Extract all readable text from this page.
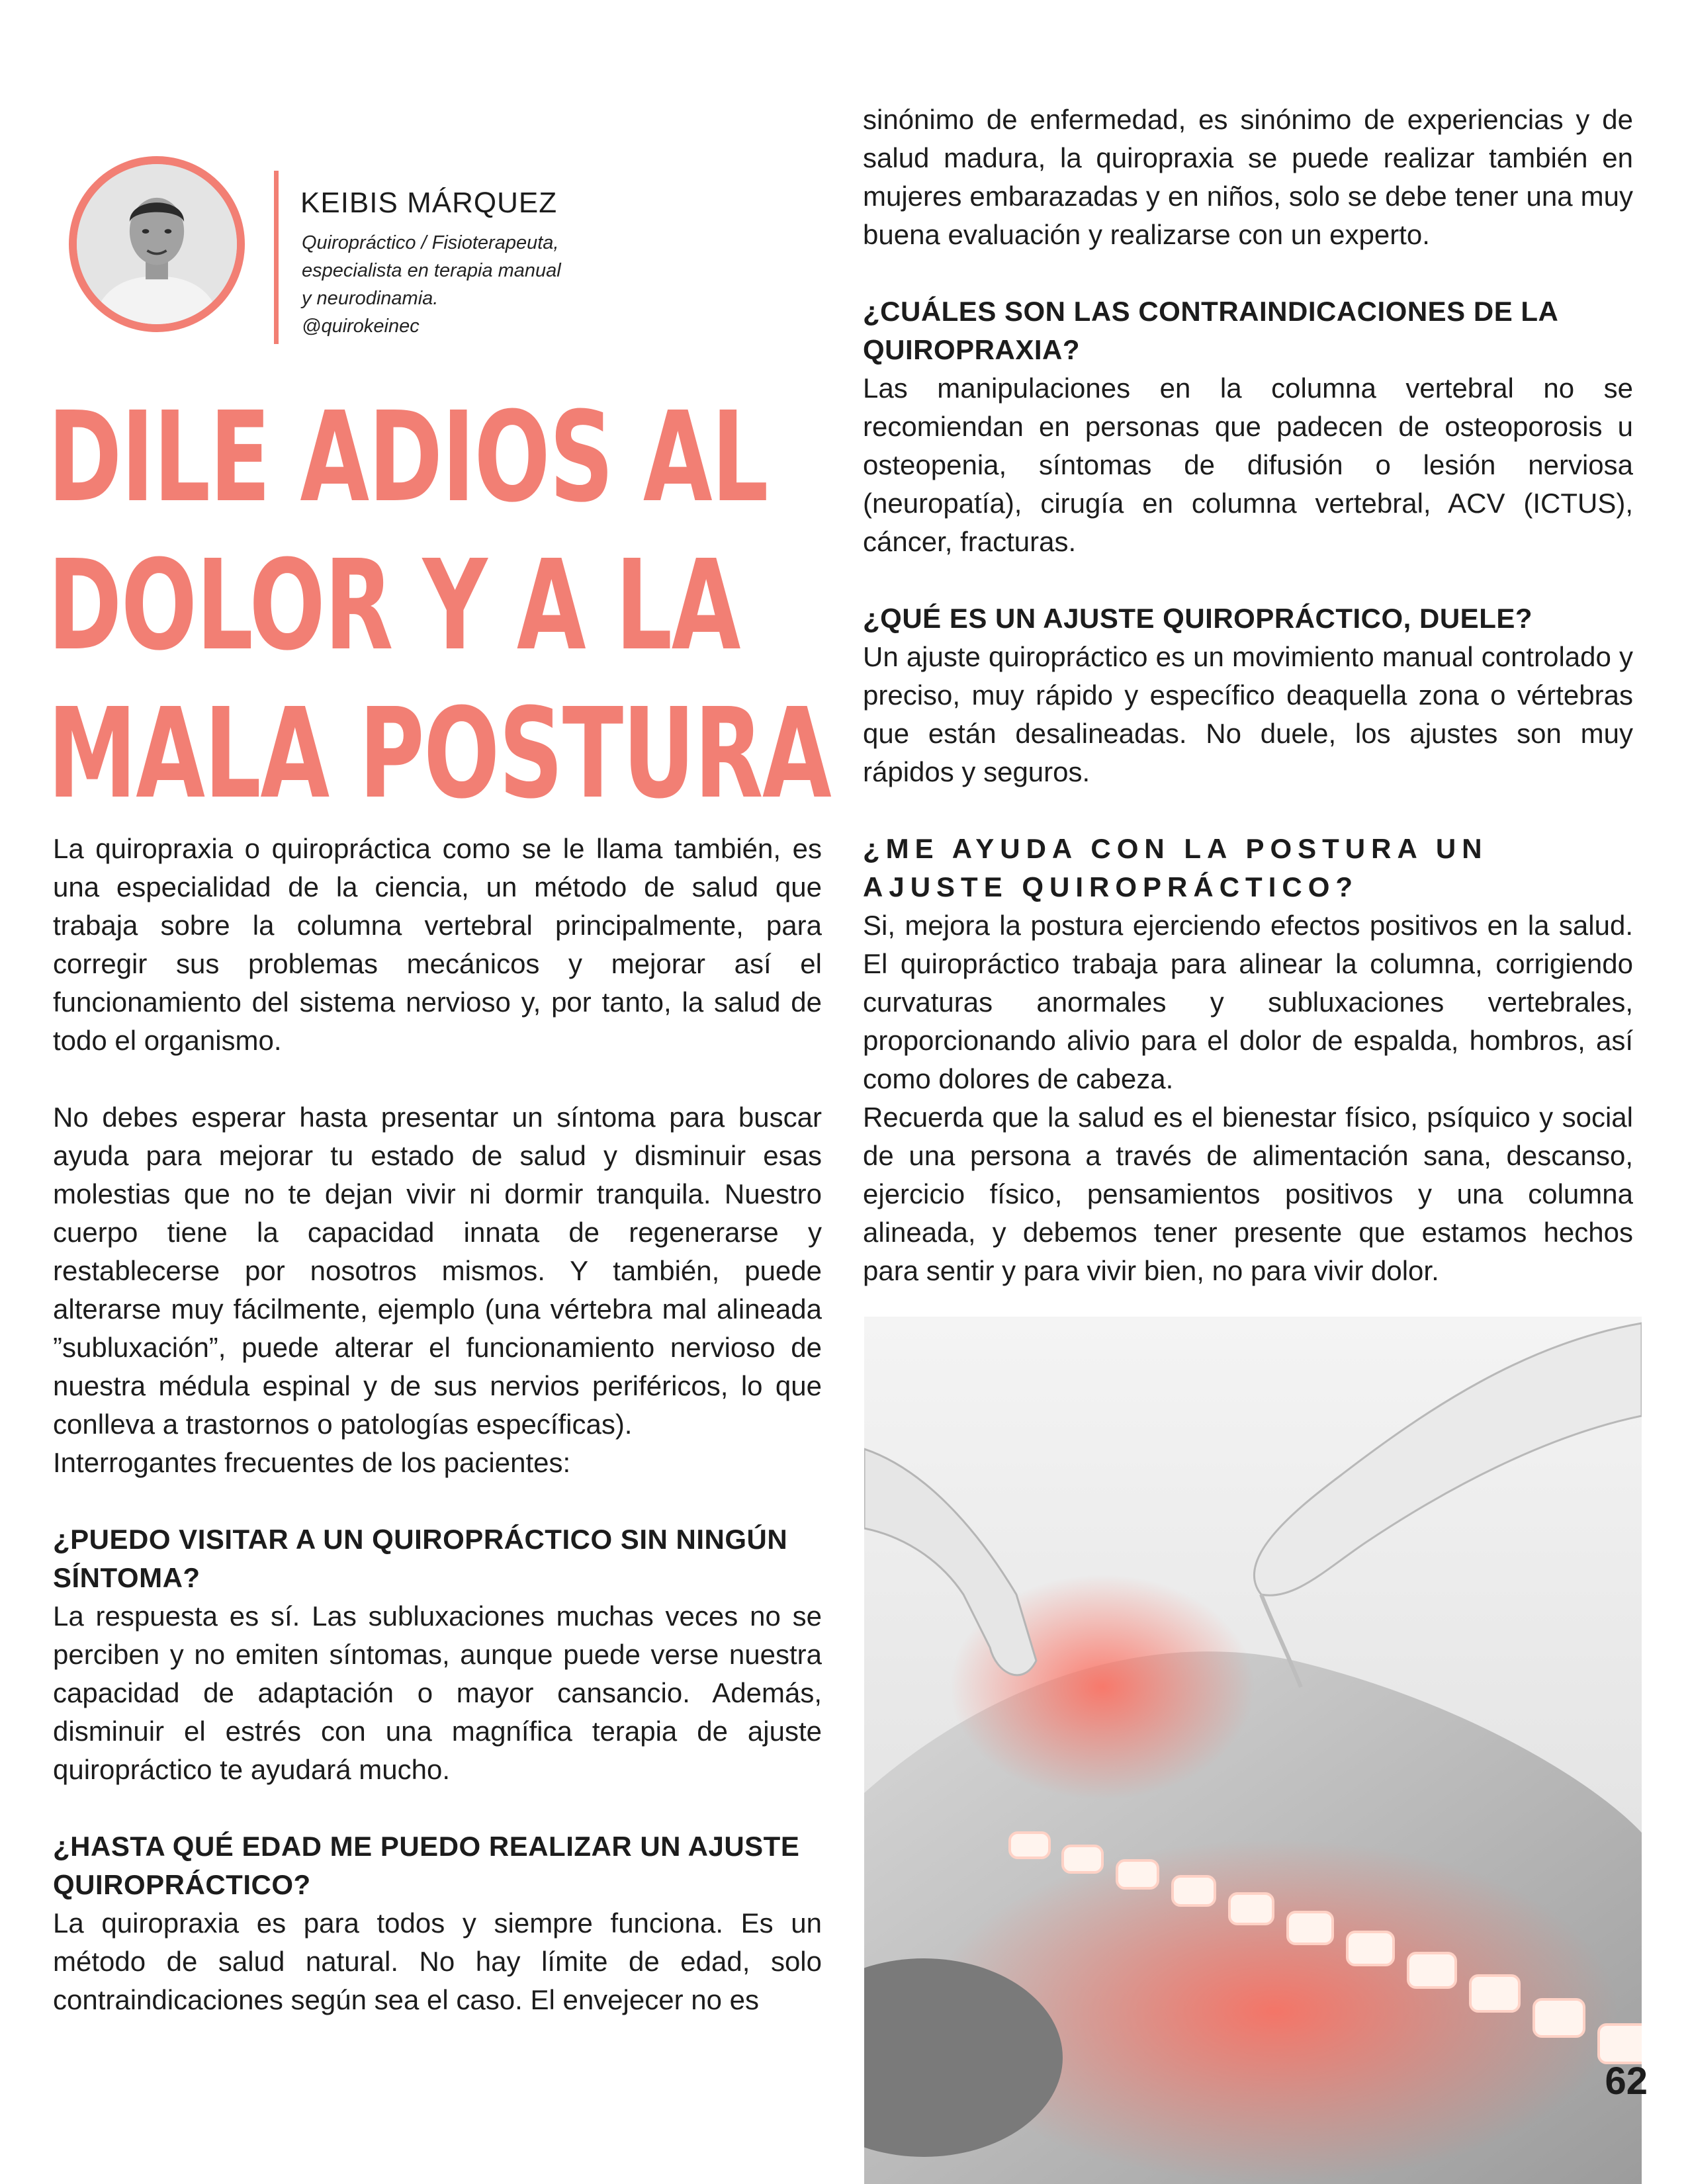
KEIBIS MÁRQUEZ
Quiropráctico / Fisioterapeuta,
especialista en terapia manual
y neurodinamia.
@quirokeinec
DILE ADIOS AL
DOLOR Y A LA
MALA POSTURA

La quiropraxia o quiropráctica como se le llama también, es una especialidad de la ciencia, un método de salud que trabaja sobre la columna vertebral principalmente, para corregir sus problemas mecánicos y mejorar así el funcionamiento del sistema nervioso y, por tanto, la salud de todo el organismo.

No debes esperar hasta presentar un síntoma para buscar ayuda para mejorar tu estado de salud y disminuir esas molestias que no te dejan vivir ni dormir tranquila. Nuestro cuerpo tiene la capacidad innata de regenerarse y restablecerse por nosotros mismos. Y también, puede alterarse muy fácilmente, ejemplo (una vértebra mal alineada ”subluxación”, puede alterar el funcionamiento nervioso de nuestra médula espinal y de sus nervios periféricos, lo que conlleva a trastornos o patologías específicas).

Interrogantes frecuentes de los pacientes:

¿PUEDO VISITAR A UN QUIROPRÁCTICO SIN NINGÚN SÍNTOMA?

La respuesta es sí. Las subluxaciones muchas veces no se perciben y no emiten síntomas, aunque puede verse nuestra capacidad de adaptación o mayor cansancio. Además, disminuir el estrés con una magnífica terapia de ajuste quiropráctico te ayudará mucho.

¿HASTA QUÉ EDAD ME PUEDO REALIZAR UN AJUSTE QUIROPRÁCTICO?

La quiropraxia es para todos y siempre funciona. Es un método de salud natural. No hay límite de edad, solo contraindicaciones según sea el caso. El envejecer no es

sinónimo de enfermedad, es sinónimo de experiencias y de salud madura, la quiropraxia se puede realizar también en mujeres embarazadas y en niños, solo se debe tener una muy buena evaluación y realizarse con un experto.

¿CUÁLES SON LAS CONTRAINDICACIONES DE LA QUIROPRAXIA?

Las manipulaciones en la columna vertebral no se recomiendan en personas que padecen de osteoporosis u osteopenia, síntomas de difusión o lesión nerviosa (neuropatía), cirugía en columna vertebral, ACV (ICTUS), cáncer, fracturas.

¿QUÉ ES UN AJUSTE QUIROPRÁCTICO, DUELE?

Un ajuste quiropráctico es un movimiento manual controlado y preciso, muy rápido y específico deaquella zona o vértebras que están desalineadas. No duele, los ajustes son muy rápidos y seguros.

¿ME AYUDA CON LA POSTURA UN AJUSTE QUIROPRÁCTICO?

Si, mejora la postura ejerciendo efectos positivos en la salud. El quiropráctico trabaja para alinear la columna, corrigiendo curvaturas anormales y subluxaciones vertebrales, proporcionando alivio para el dolor de espalda, hombros, así como dolores de cabeza.

Recuerda que la salud es el bienestar físico, psíquico y social de una persona a través de alimentación sana, descanso, ejercicio físico, pensamientos positivos y una columna alineada, y debemos tener presente que estamos hechos para sentir y para vivir bien, no para vivir dolor.

62
